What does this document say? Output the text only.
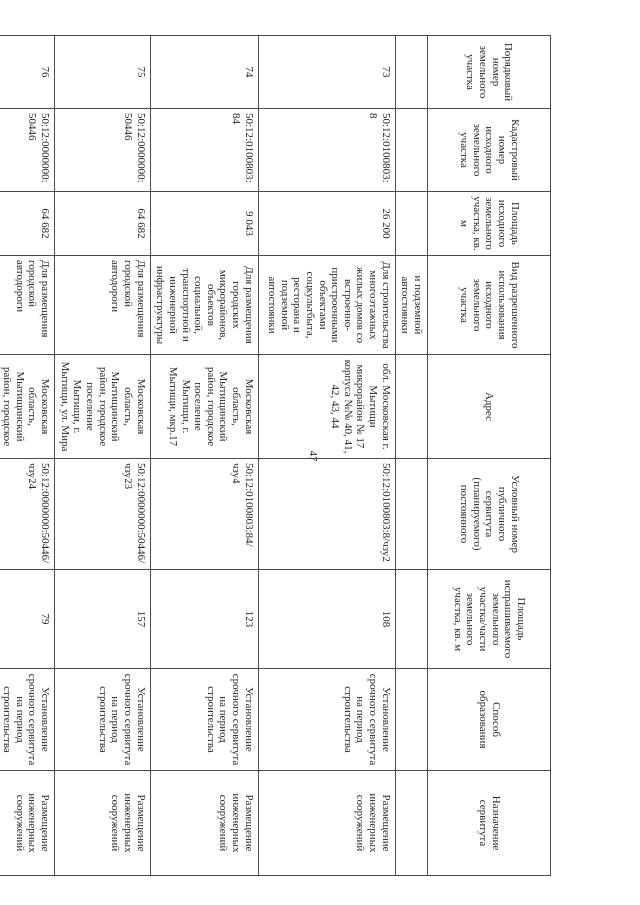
47
Порядковый номер земельного участка	Кадастровый номер исходного земельного участка	Площадь исходного земельного участка, кв. м	Вид разрешенного использования исходного земельного участка	Адрес	Условный номер публичного сервитута (планируемого) постоянного	Площадь испрашиваемого земельного участка/части земельного участка, кв. м	Способ образования	Назначение сервитута
			и подземной автостоянки					
73	50:12:0100803:8	26 200	Для строительства многоэтажных жилых домов со встроенно-пристроенными объектами соцкультбыта, ресторана и подземной автостоянки	обл. Московская г. Мытищи микрорайон № 17 корпуса №№ 40, 41, 42, 43, 44	50:12:0100803:8/чзу2	108	Установление срочного сервитута на период строительства	Размещение инженерных сооружений
74	50:12:0100803:84	9 043	Для размещения городских микрорайонов, объектов социальной, транспортной и инженерной инфраструктуры	Московская область, Мытищинский район, городское поселение Мытищи, г. Мытищи, мкр.17	50:12:0100803:84/чзу4	123	Установление срочного сервитута на период строительства	Размещение инженерных сооружений
75	50:12:0000000:50446	64 682	Для размещения городской автодороги	Московская область, Мытищинский район, городское поселение Мытищи, г. Мытищи, ул. Мира	50:12:0000000:50446/чзу23	157	Установление срочного сервитута на период строительства	Размещение инженерных сооружений
76	50:12:0000000:50446	64 682	Для размещения городской автодороги	Московская область, Мытищинский район, городское	50:12:0000000:50446/чзу24	79	Установление срочного сервитута на период строительства	Размещение инженерных сооружений
